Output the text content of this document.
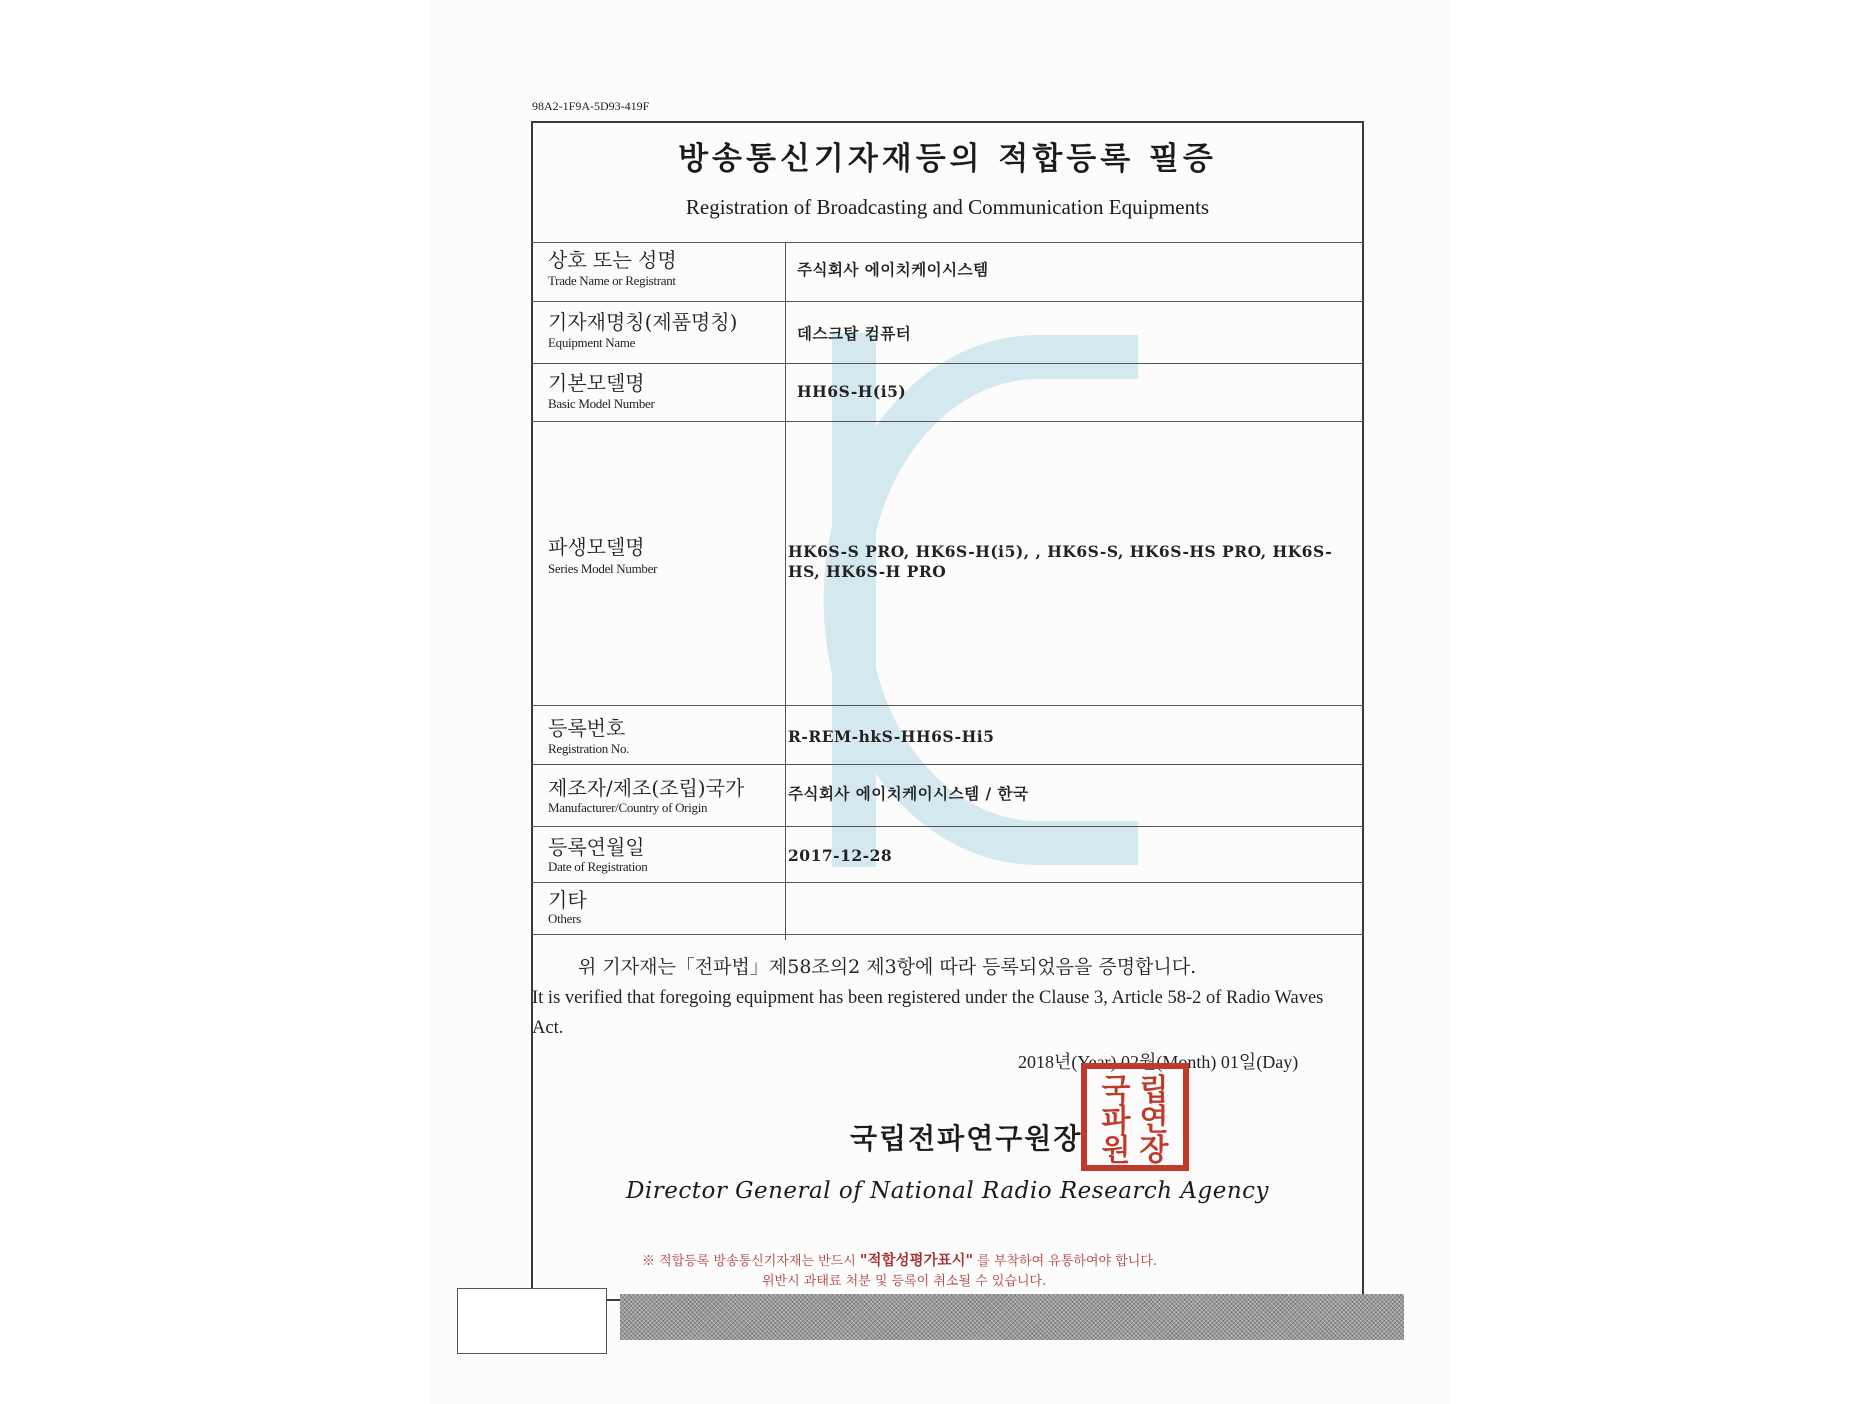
98A2-1F9A-5D93-419F
방송통신기자재등의 적합등록 필증
Registration of Broadcasting and Communication Equipments
상호 또는 성명
Trade Name or Registrant
주식회사 에이치케이시스템
기자재명칭(제품명칭)
Equipment Name	데스크탑 컴퓨터
기본모델명
Basic Model Number
HH6S-H(i5)
파생모델명
Series Model Number
HK6S-S PRO, HK6S-H(i5), , HK6S-S, HK6S-HS PRO, HK6S-HS, HK6S-H PRO
등록번호
Registration No.
R-REM-hkS-HH6S-Hi5
제조자/제조(조립)국가
Manufacturer/Country of Origin
주식회사 에이치케이시스템 / 한국
등록연월일
Date of Registration
2017-12-28
기타
Others
위 기자재는「전파법」제58조의2 제3항에 따라 등록되었음을 증명합니다.
It is verified that foregoing equipment has been registered under the Clause 3, Article 58-2 of Radio Waves Act.
2018년(Year) 02월(Month) 01일(Day)
국립전파연구원장
립
연
장
국
파
원
Director General of National Radio Research Agency
※ 적합등록 방송통신기자재는 반드시 "적합성평가표시" 를 부착하여 유통하여야 합니다.
위반시 과태료 처분 및 등록이 취소될 수 있습니다.
